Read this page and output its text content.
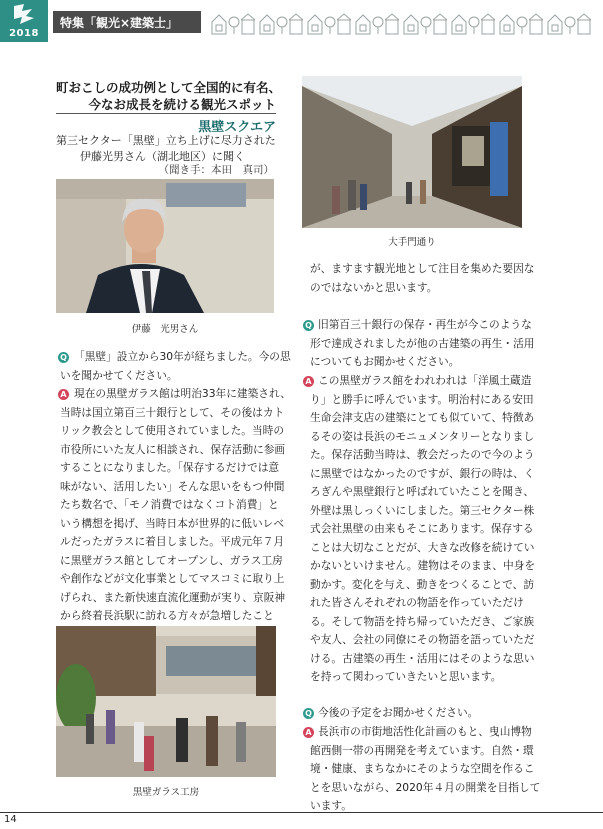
2018
特集「観光×建築士」
町おこしの成功例として全国的に有名、
今なお成長を続ける観光スポット
黒壁スクエア
第三セクター「黒壁」立ち上げに尽力された
伊藤光男さん（湖北地区）に聞く
（聞き手：本田　真司）
伊藤　光男さん
大手門通り
黒壁ガラス工房
Q 「黒壁」設立から30年が経ちました。今の思
いを聞かせてください。
A 現在の黒壁ガラス館は明治33年に建築され、
当時は国立第百三十銀行として、その後はカト
リック教会として使用されていました。当時の
市役所にいた友人に相談され、保存活動に参画
することになりました。「保存するだけでは意
味がない、活用したい」そんな思いをもつ仲間
たち数名で、「モノ消費ではなくコト消費」と
いう構想を掲げ、当時日本が世界的に低いレベ
ルだったガラスに着目しました。平成元年７月
に黒壁ガラス館としてオープンし、ガラス工房
や創作などが文化事業としてマスコミに取り上
げられ、また新快速直流化運動が実り、京阪神
から終着長浜駅に訪れる方々が急増したこと
が、ますます観光地として注目を集めた要因な
のではないかと思います。
Q 旧第百三十銀行の保存・再生が今このような
形で達成されましたが他の古建築の再生・活用
についてもお聞かせください。
A この黒壁ガラス館をわれわれは「洋風土蔵造
り」と勝手に呼んでいます。明治村にある安田
生命会津支店の建築にとても似ていて、特徴あ
るその姿は長浜のモニュメンタリーとなりまし
た。保存活動当時は、教会だったので今のよう
に黒壁ではなかったのですが、銀行の時は、く
ろぎんや黒壁銀行と呼ばれていたことを聞き、
外壁は黒しっくいにしました。第三セクター株
式会社黒壁の由来もそこにあります。保存する
ことは大切なことだが、大きな改修を続けてい
かないといけません。建物はそのまま、中身を
動かす。変化を与え、動きをつくることで、訪
れた皆さんそれぞれの物語を作っていただけ
る。そして物語を持ち帰っていただき、ご家族
や友人、会社の同僚にその物語を語っていただ
ける。古建築の再生・活用にはそのような思い
を持って関わっていきたいと思います。
Q 今後の予定をお聞かせください。
A 長浜市の市街地活性化計画のもと、曳山博物
館西側一帯の再開発を考えています。自然・環
境・健康、まちなかにそのような空間を作るこ
とを思いながら、2020年４月の開業を目指して
います。
14
